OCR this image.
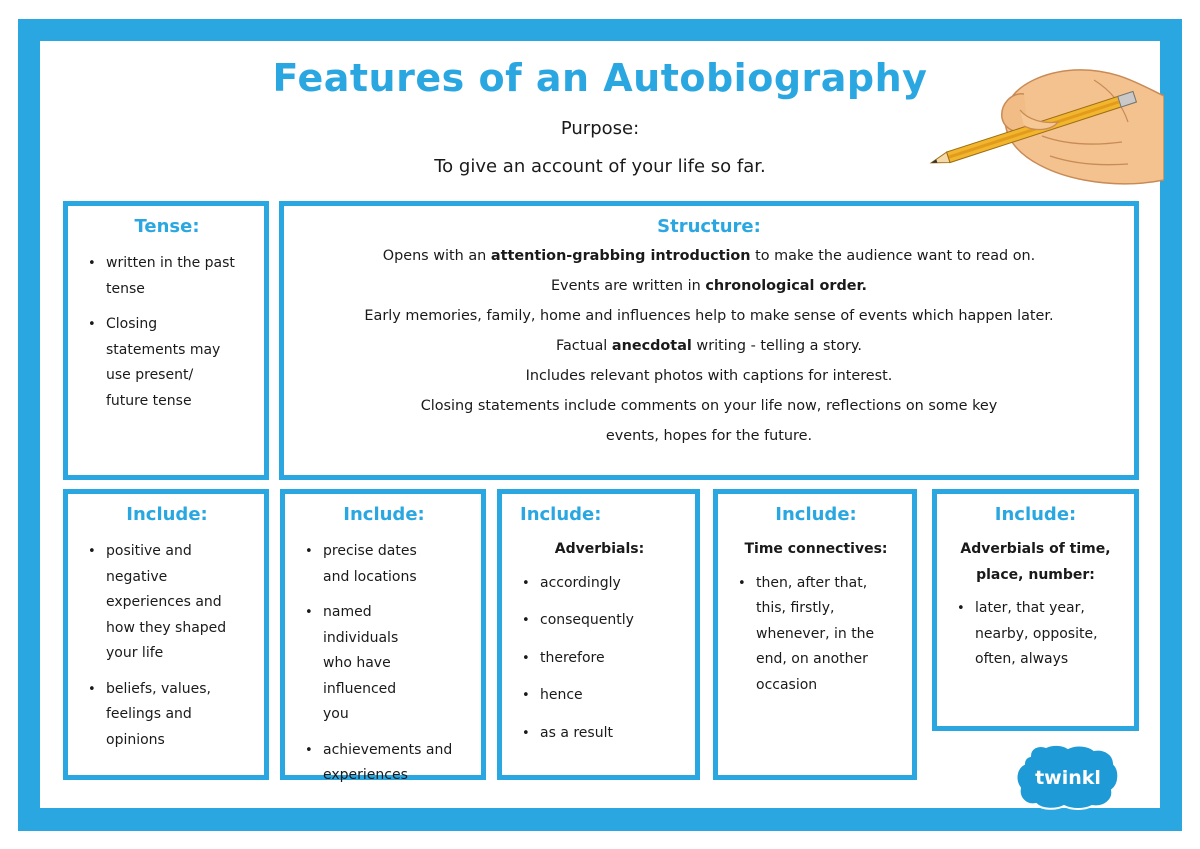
Features of an Autobiography
Purpose:
To give an account of your life so far.
Tense:
• written in the past tense
• Closing statements may use present/ future tense
Structure:

Opens with an attention-grabbing introduction to make the audience want to read on.

Events are written in chronological order.

Early memories, family, home and influences help to make sense of events which happen later.

Factual anecdotal writing - telling a story.

Includes relevant photos with captions for interest.

Closing statements include comments on your life now, reflections on some key

events, hopes for the future.

Include:
• positive and negative experiences and how they shaped your life
• beliefs, values, feelings and opinions
Include:
• precise dates and locations
• named individuals who have influenced you
• achievements and experiences
Include:
Adverbials:
• accordingly
• consequently
• therefore
• hence
• as a result
Include:
Time connectives:
• then, after that, this, firstly, whenever, in the end, on another occasion
Include:
Adverbials of time, place, number:
• later, that year, nearby, opposite, often, always
twinkl
